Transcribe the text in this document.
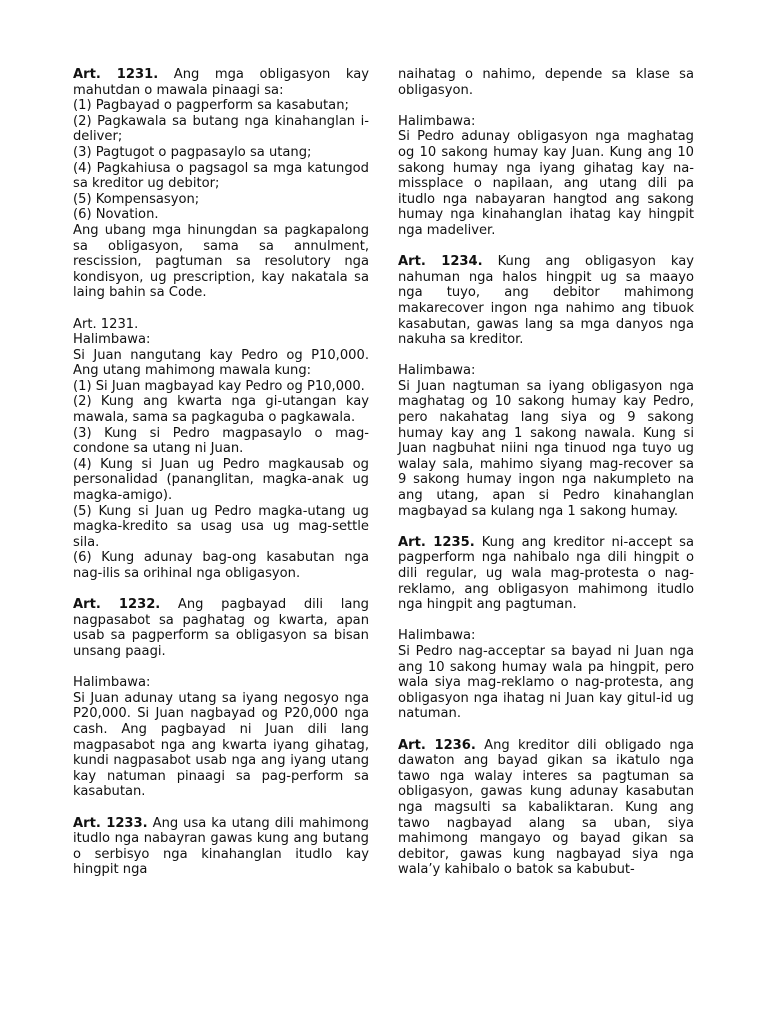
Art. 1231. Ang mga obligasyon kay mahutdan o mawala pinaagi sa:

(1) Pagbayad o pagperform sa kasabutan;

(2) Pagkawala sa butang nga kinahanglan i-deliver;

(3) Pagtugot o pagpasaylo sa utang;

(4) Pagkahiusa o pagsagol sa mga katungod sa kreditor ug debitor;

(5) Kompensasyon;

(6) Novation.

Ang ubang mga hinungdan sa pagkapalong sa obligasyon, sama sa annulment, rescission, pagtuman sa resolutory nga kondisyon, ug prescription, kay nakatala sa laing bahin sa Code.

Art. 1231.

Halimbawa:

Si Juan nangutang kay Pedro og P10,000. Ang utang mahimong mawala kung:

(1) Si Juan magbayad kay Pedro og P10,000.

(2) Kung ang kwarta nga gi-utangan kay mawala, sama sa pagkaguba o pagkawala.

(3) Kung si Pedro magpasaylo o mag-condone sa utang ni Juan.

(4) Kung si Juan ug Pedro magkausab og personalidad (pananglitan, magka-anak ug magka-amigo).

(5) Kung si Juan ug Pedro magka-utang ug magka-kredito sa usag usa ug mag-settle sila.

(6) Kung adunay bag-ong kasabutan nga nag-ilis sa orihinal nga obligasyon.

Art. 1232. Ang pagbayad dili lang nagpasabot sa paghatag og kwarta, apan usab sa pagperform sa obligasyon sa bisan unsang paagi.

Halimbawa:

Si Juan adunay utang sa iyang negosyo nga P20,000. Si Juan nagbayad og P20,000 nga cash. Ang pagbayad ni Juan dili lang magpasabot nga ang kwarta iyang gihatag, kundi nagpasabot usab nga ang iyang utang kay natuman pinaagi sa pag-perform sa kasabutan.

Art. 1233. Ang usa ka utang dili mahimong itudlo nga nabayran gawas kung ang butang o serbisyo nga kinahanglan itudlo kay hingpit nga

naihatag o nahimo, depende sa klase sa obligasyon.

Halimbawa:

Si Pedro adunay obligasyon nga maghatag og 10 sakong humay kay Juan. Kung ang 10 sakong humay nga iyang gihatag kay na-missplace o napilaan, ang utang dili pa itudlo nga nabayaran hangtod ang sakong humay nga kinahanglan ihatag kay hingpit nga madeliver.

Art. 1234. Kung ang obligasyon kay nahuman nga halos hingpit ug sa maayo nga tuyo, ang debitor mahimong makarecover ingon nga nahimo ang tibuok kasabutan, gawas lang sa mga danyos nga nakuha sa kreditor.

Halimbawa:

Si Juan nagtuman sa iyang obligasyon nga maghatag og 10 sakong humay kay Pedro, pero nakahatag lang siya og 9 sakong humay kay ang 1 sakong nawala. Kung si Juan nagbuhat niini nga tinuod nga tuyo ug walay sala, mahimo siyang mag-recover sa 9 sakong humay ingon nga nakumpleto na ang utang, apan si Pedro kinahanglan magbayad sa kulang nga 1 sakong humay.

Art. 1235. Kung ang kreditor ni-accept sa pagperform nga nahibalo nga dili hingpit o dili regular, ug wala mag-protesta o nag-reklamo, ang obligasyon mahimong itudlo nga hingpit ang pagtuman.

Halimbawa:

Si Pedro nag-acceptar sa bayad ni Juan nga ang 10 sakong humay wala pa hingpit, pero wala siya mag-reklamo o nag-protesta, ang obligasyon nga ihatag ni Juan kay gitul-id ug natuman.

Art. 1236. Ang kreditor dili obligado nga dawaton ang bayad gikan sa ikatulo nga tawo nga walay interes sa pagtuman sa obligasyon, gawas kung adunay kasabutan nga magsulti sa kabaliktaran. Kung ang tawo nagbayad alang sa uban, siya mahimong mangayo og bayad gikan sa debitor, gawas kung nagbayad siya nga wala’y kahibalo o batok sa kabubut-
